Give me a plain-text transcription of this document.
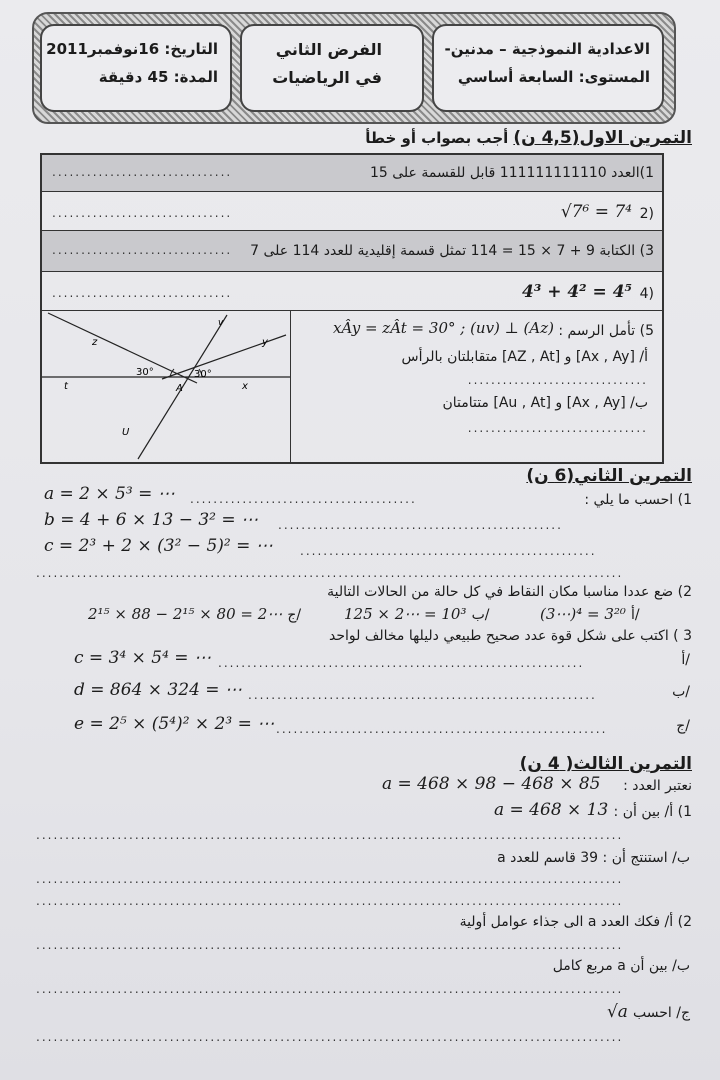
التاريخ: 16نوفمبر2011
المدة: 45 دقيقة
الفرض الثاني
في الرياضيات
الاعدادية النموذجية – مدنين-
المستوى: السابعة أساسي
التمرين الاول(4,5 ن) أجب بصواب أو خطأ
1)العدد 111111111110 قابل للقسمة على 15
...............................
2)
√7⁶ = 7⁴
...............................
3) الكتابة 9 + 7 × 15 = 114 تمثل قسمة إقليدية للعدد 114 على 7
...............................
4)
4³ + 4² = 4⁵
...............................
z	y
v
t	x
A
U
30°	30°
5) تأمل الرسم :
xÂy = zÂt = 30° ; (uv) ⊥ (Az)
أ/ [Ax , Ay] و [AZ , At] متقابلتان بالرأس
...............................
ب/ [Ax , Ay] و [Au , At] متتامتان
...............................
التمرين الثاني(6 ن)
1) احسب ما يلي :
a = 2 × 5³ = ⋯ .......................................
b = 4 + 6 × 13 − 3² = ⋯ .................................................
c = 2³ + 2 × (3² − 5)² = ⋯ ...................................................
.....................................................................................................
2) ضع عددا مناسبا مكان النقاط في كل حالة من الحالات التالية
2¹⁵ × 88 − 2¹⁵ × 80 = 2⋯ ج/	125 × 2⋯ = 10³ ب/	(3⋯)⁴ = 3²⁰ أ/
3 ) اكتب على شكل قوة عدد صحيح طبيعي دليلها مخالف لواحد
c = 3⁴ × 5⁴ = ⋯ ...............................................................	أ/
d = 864 × 324 = ⋯ ............................................................	ب/
e = 2⁵ × (5⁴)² × 2³ = ⋯ .........................................................	ج/
التمرين الثالث( 4 ن)
نعتبر العدد :
a = 468 × 98 − 468 × 85
1) أ/ بين أن :
a = 468 × 13
.....................................................................................................
ب/ استنتج أن : 39 قاسم للعدد a
.....................................................................................................
.....................................................................................................
2) أ/ فكك العدد a الى جذاء عوامل أولية
.....................................................................................................
ب/ بين أن a مربع كامل
.....................................................................................................
√a ج/ احسب
.....................................................................................................
